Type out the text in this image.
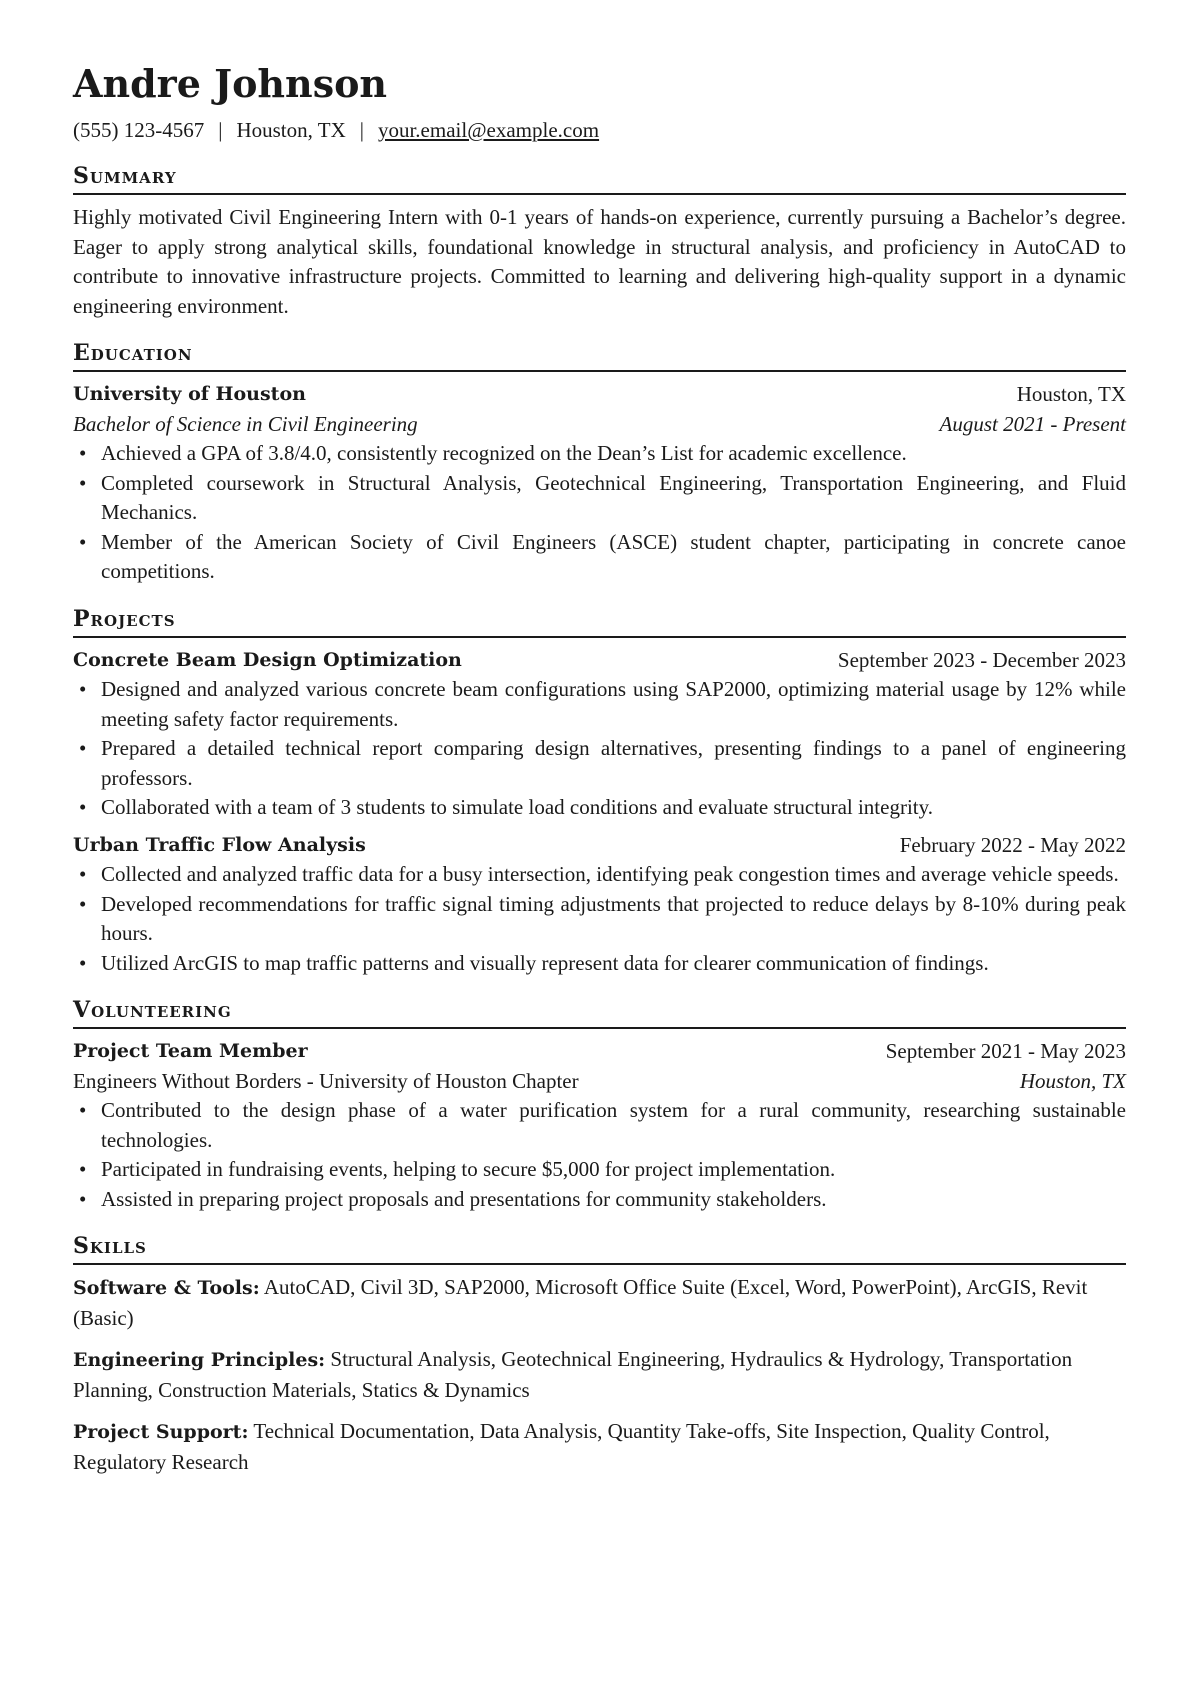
Andre Johnson
(555) 123-4567 | Houston, TX | your.email@example.com
Summary

Highly motivated Civil Engineering Intern with 0-1 years of hands-on experience, currently pursuing a Bachelor’s degree. Eager to apply strong analytical skills, foundational knowledge in structural analysis, and proficiency in AutoCAD to contribute to innovative infrastructure projects. Committed to learning and delivering high-quality support in a dynamic engineering environment.

Education
University of Houston	Houston, TX
Bachelor of Science in Civil Engineering	August 2021 - Present
• Achieved a GPA of 3.8/4.0, consistently recognized on the Dean’s List for academic excellence.
• Completed coursework in Structural Analysis, Geotechnical Engineering, Transportation Engineering, and Fluid Mechanics.
• Member of the American Society of Civil Engineers (ASCE) student chapter, participating in concrete canoe competitions.
Projects
Concrete Beam Design Optimization	September 2023 - December 2023
• Designed and analyzed various concrete beam configurations using SAP2000, optimizing material usage by 12% while meeting safety factor requirements.
• Prepared a detailed technical report comparing design alternatives, presenting findings to a panel of engineering professors.
• Collaborated with a team of 3 students to simulate load conditions and evaluate structural integrity.
Urban Traffic Flow Analysis	February 2022 - May 2022
• Collected and analyzed traffic data for a busy intersection, identifying peak congestion times and average vehicle speeds.
• Developed recommendations for traffic signal timing adjustments that projected to reduce delays by 8-10% during peak hours.
• Utilized ArcGIS to map traffic patterns and visually represent data for clearer communication of findings.
Volunteering
Project Team Member	September 2021 - May 2023
Engineers Without Borders - University of Houston Chapter	Houston, TX
• Contributed to the design phase of a water purification system for a rural community, researching sustainable technologies.
• Participated in fundraising events, helping to secure $5,000 for project implementation.
• Assisted in preparing project proposals and presentations for community stakeholders.
Skills

Software & Tools: AutoCAD, Civil 3D, SAP2000, Microsoft Office Suite (Excel, Word, PowerPoint), ArcGIS, Revit (Basic)

Engineering Principles: Structural Analysis, Geotechnical Engineering, Hydraulics & Hydrology, Transportation Planning, Construction Materials, Statics & Dynamics

Project Support: Technical Documentation, Data Analysis, Quantity Take-offs, Site Inspection, Quality Control, Regulatory Research
